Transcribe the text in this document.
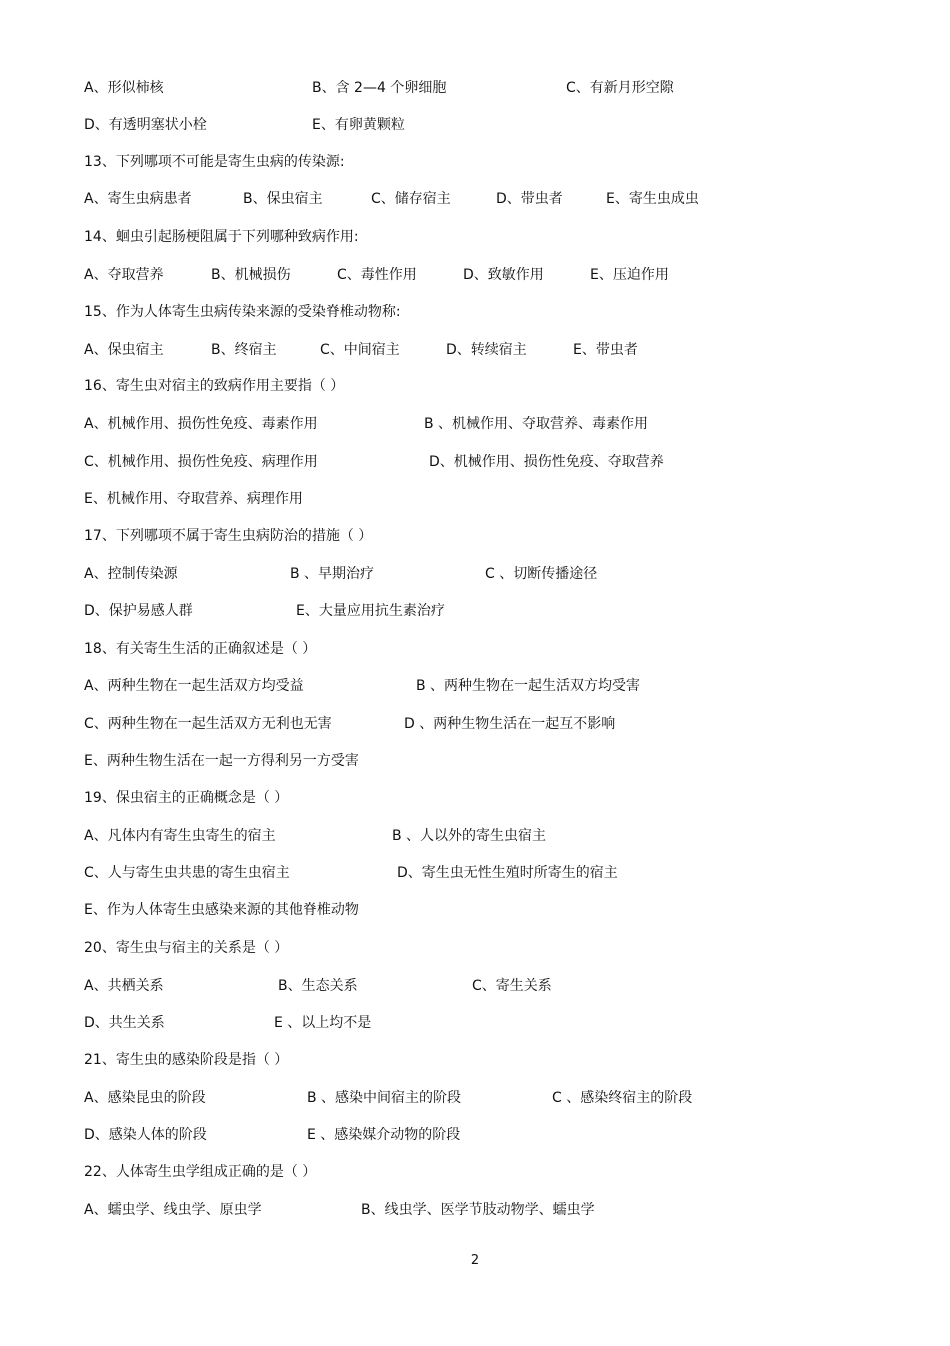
A、形似柿核	B、含 2—4 个卵细胞	C、有新月形空隙
D、有透明塞状小栓	E、有卵黄颗粒
13、下列哪项不可能是寄生虫病的传染源:
A、寄生虫病患者	B、保虫宿主	C、储存宿主	D、带虫者	E、寄生虫成虫
14、蛔虫引起肠梗阻属于下列哪种致病作用:
A、夺取营养	B、机械损伤	C、毒性作用	D、致敏作用	E、压迫作用
15、作为人体寄生虫病传染来源的受染脊椎动物称:
A、保虫宿主	B、终宿主	C、中间宿主	D、转续宿主	E、带虫者
16、寄生虫对宿主的致病作用主要指（ ）
A、机械作用、损伤性免疫、毒素作用	B 、机械作用、夺取营养、毒素作用
C、机械作用、损伤性免疫、病理作用	D、机械作用、损伤性免疫、夺取营养
E、机械作用、夺取营养、病理作用
17、下列哪项不属于寄生虫病防治的措施（ ）
A、控制传染源	B 、早期治疗	C 、切断传播途径
D、保护易感人群	E、大量应用抗生素治疗
18、有关寄生生活的正确叙述是（ ）
A、两种生物在一起生活双方均受益	B 、两种生物在一起生活双方均受害
C、两种生物在一起生活双方无利也无害	D 、两种生物生活在一起互不影响
E、两种生物生活在一起一方得利另一方受害
19、保虫宿主的正确概念是（ ）
A、凡体内有寄生虫寄生的宿主	B 、人以外的寄生虫宿主
C、人与寄生虫共患的寄生虫宿主	D、寄生虫无性生殖时所寄生的宿主
E、作为人体寄生虫感染来源的其他脊椎动物
20、寄生虫与宿主的关系是（ ）
A、共栖关系	B、生态关系	C、寄生关系
D、共生关系	E 、以上均不是
21、寄生虫的感染阶段是指（ ）
A、感染昆虫的阶段	B 、感染中间宿主的阶段	C 、感染终宿主的阶段
D、感染人体的阶段	E 、感染媒介动物的阶段
22、人体寄生虫学组成正确的是（ ）
A、蠕虫学、线虫学、原虫学	B、线虫学、医学节肢动物学、蠕虫学
2
